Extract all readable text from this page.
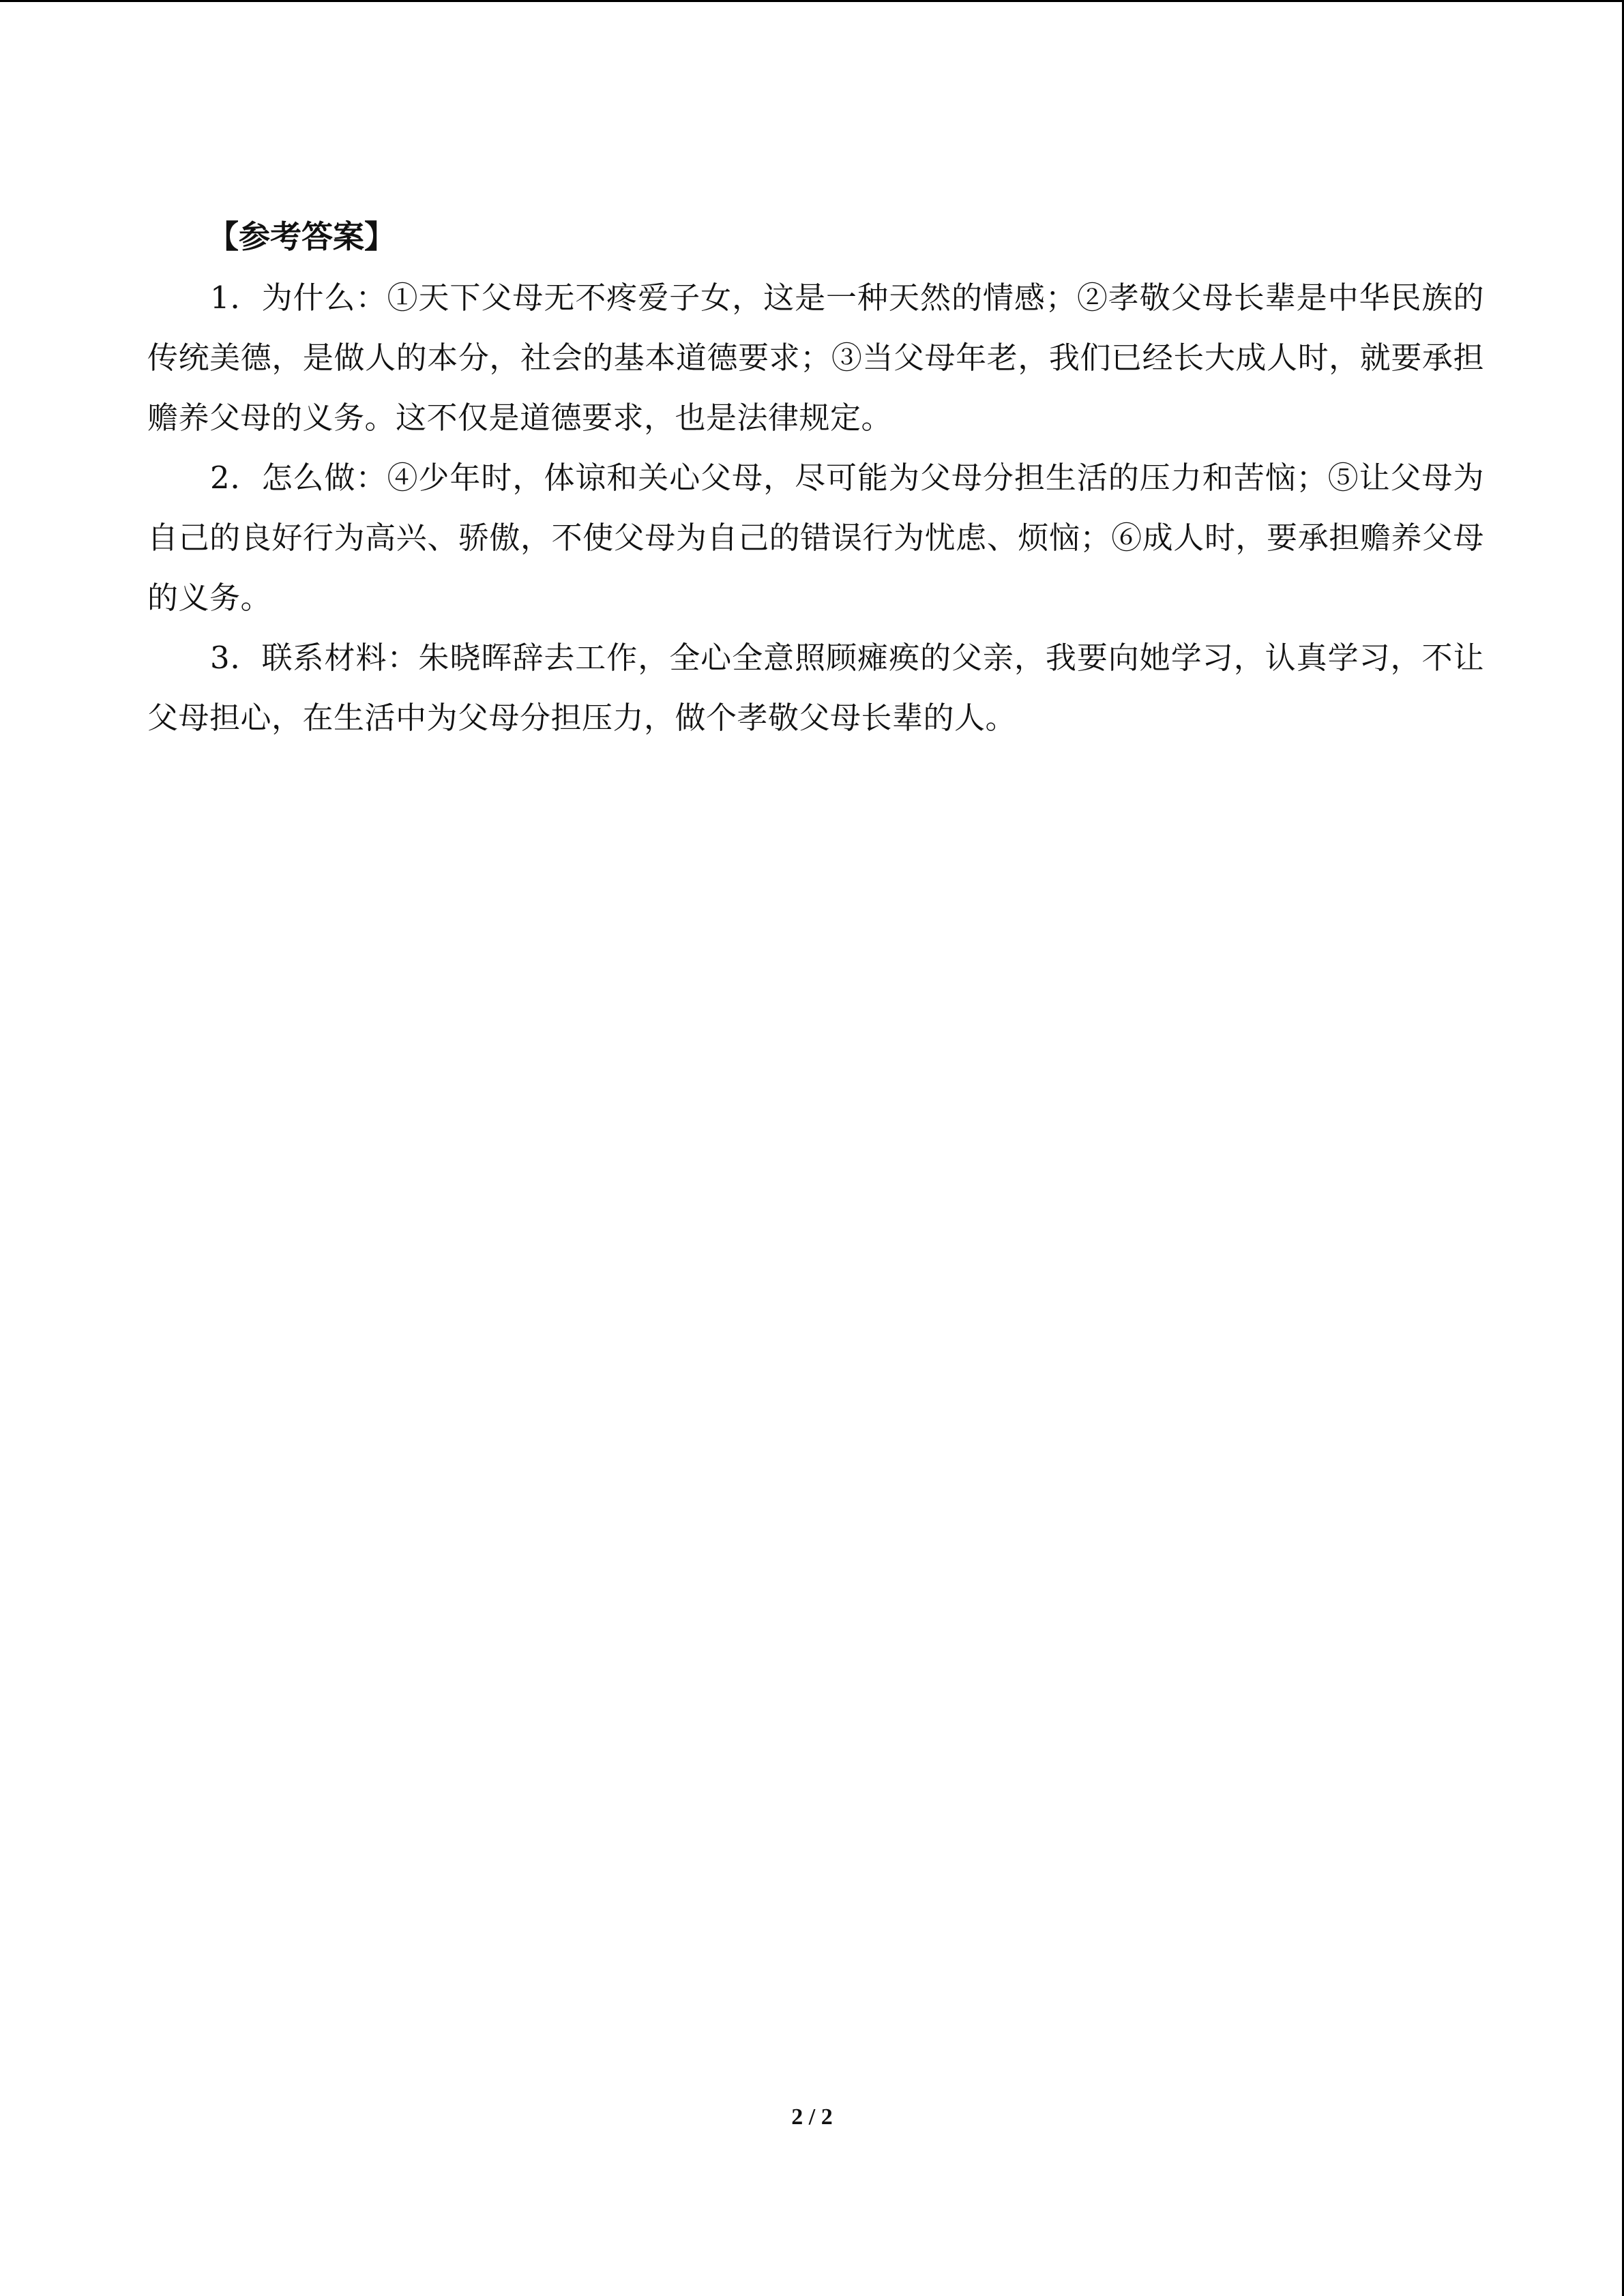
【参考答案】
1．为什么：①天下父母无不疼爱子女，这是一种天然的情感；②孝敬父母长辈是中华民族的传统美德，是做人的本分，社会的基本道德要求；③当父母年老，我们已经长大成人时，就要承担赡养父母的义务。这不仅是道德要求，也是法律规定。
2．怎么做：④少年时，体谅和关心父母，尽可能为父母分担生活的压力和苦恼；⑤让父母为自己的良好行为高兴、骄傲，不使父母为自己的错误行为忧虑、烦恼；⑥成人时，要承担赡养父母的义务。
3．联系材料：朱晓晖辞去工作，全心全意照顾瘫痪的父亲，我要向她学习，认真学习，不让父母担心，在生活中为父母分担压力，做个孝敬父母长辈的人。
2 / 2
